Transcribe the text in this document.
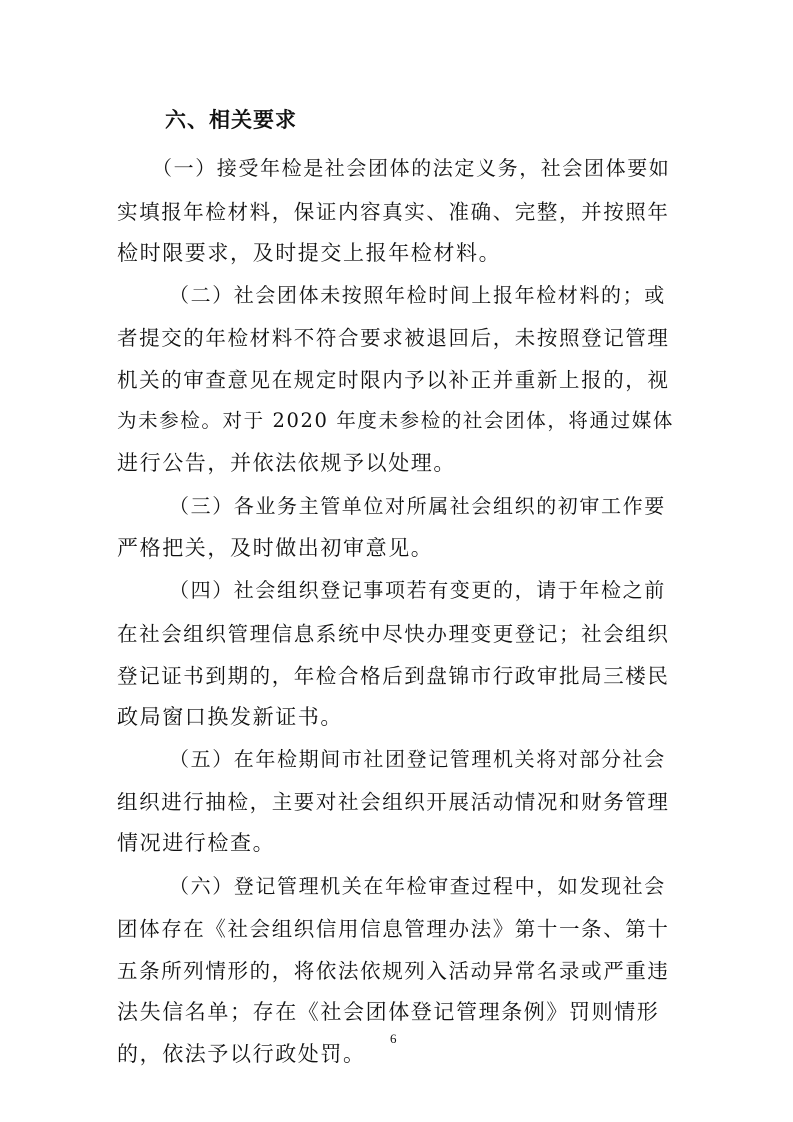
六、相关要求
（一）接受年检是社会团体的法定义务，社会团体要如
实填报年检材料，保证内容真实、准确、完整，并按照年
检时限要求，及时提交上报年检材料。
（二）社会团体未按照年检时间上报年检材料的；或
者提交的年检材料不符合要求被退回后，未按照登记管理
机关的审查意见在规定时限内予以补正并重新上报的，视
为未参检。对于 2020 年度未参检的社会团体，将通过媒体
进行公告，并依法依规予以处理。
（三）各业务主管单位对所属社会组织的初审工作要
严格把关，及时做出初审意见。
（四）社会组织登记事项若有变更的，请于年检之前
在社会组织管理信息系统中尽快办理变更登记；社会组织
登记证书到期的，年检合格后到盘锦市行政审批局三楼民
政局窗口换发新证书。
（五）在年检期间市社团登记管理机关将对部分社会
组织进行抽检，主要对社会组织开展活动情况和财务管理
情况进行检查。
（六）登记管理机关在年检审查过程中，如发现社会
团体存在《社会组织信用信息管理办法》第十一条、第十
五条所列情形的，将依法依规列入活动异常名录或严重违
法失信名单；存在《社会团体登记管理条例》罚则情形
的，依法予以行政处罚。
6
